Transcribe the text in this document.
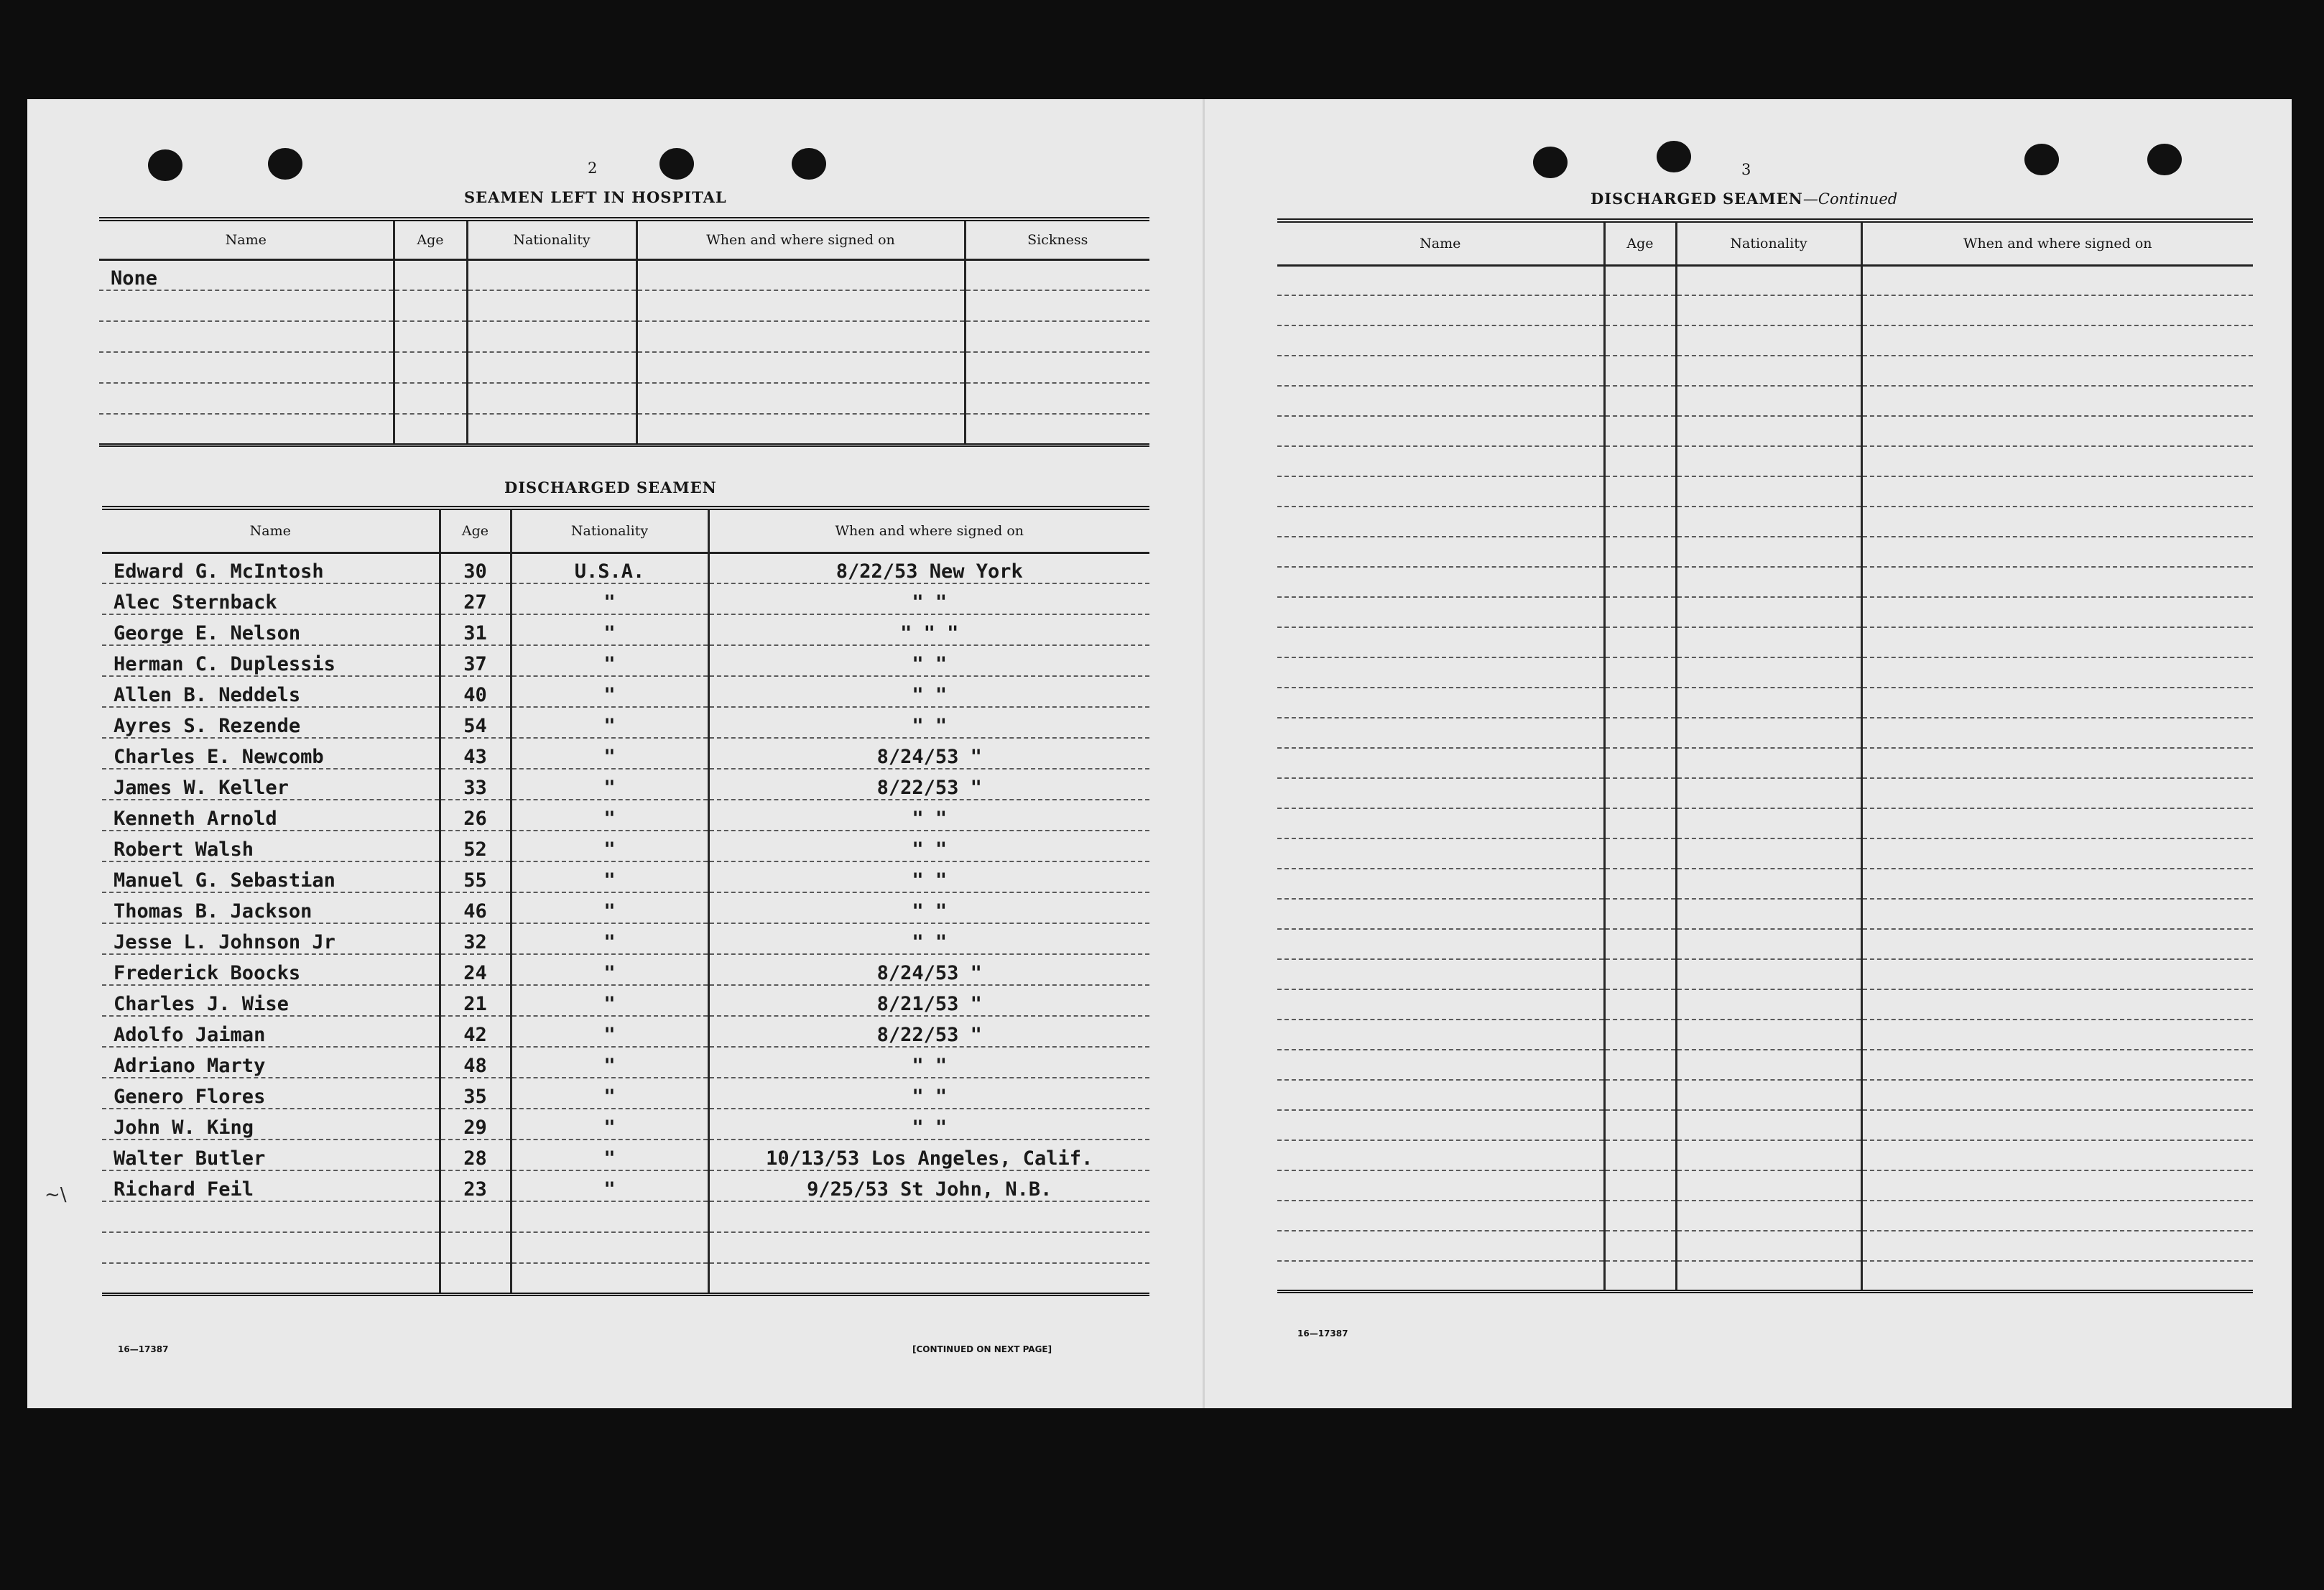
2
SEAMEN LEFT IN HOSPITAL
Name	Age	Nationality	When and where signed on	Sickness
None				

DISCHARGED SEAMEN
Name	Age	Nationality	When and where signed on
Edward G. McIntosh	30	U.S.A.	8/22/53 New York
Alec Sternback	27	"	" "
George E. Nelson	31	"	" " "
Herman C. Duplessis	37	"	" "
Allen B. Neddels	40	"	" "
Ayres S. Rezende	54	"	" "
Charles E. Newcomb	43	"	8/24/53 "
James W. Keller	33	"	8/22/53 "
Kenneth Arnold	26	"	" "
Robert Walsh	52	"	" "
Manuel G. Sebastian	55	"	" "
Thomas B. Jackson	46	"	" "
Jesse L. Johnson Jr	32	"	" "
Frederick Boocks	24	"	8/24/53 "
Charles J. Wise	21	"	8/21/53 "
Adolfo Jaiman	42	"	8/22/53 "
Adriano Marty	48	"	" "
Genero Flores	35	"	" "
John W. King	29	"	" "
Walter Butler	28	"	10/13/53 Los Angeles, Calif.
Richard Feil	23	"	9/25/53 St John, N.B.

16—17387	[CONTINUED ON NEXT PAGE]
~\
3
DISCHARGED SEAMEN—Continued
Name	Age	Nationality	When and where signed on

16—17387
